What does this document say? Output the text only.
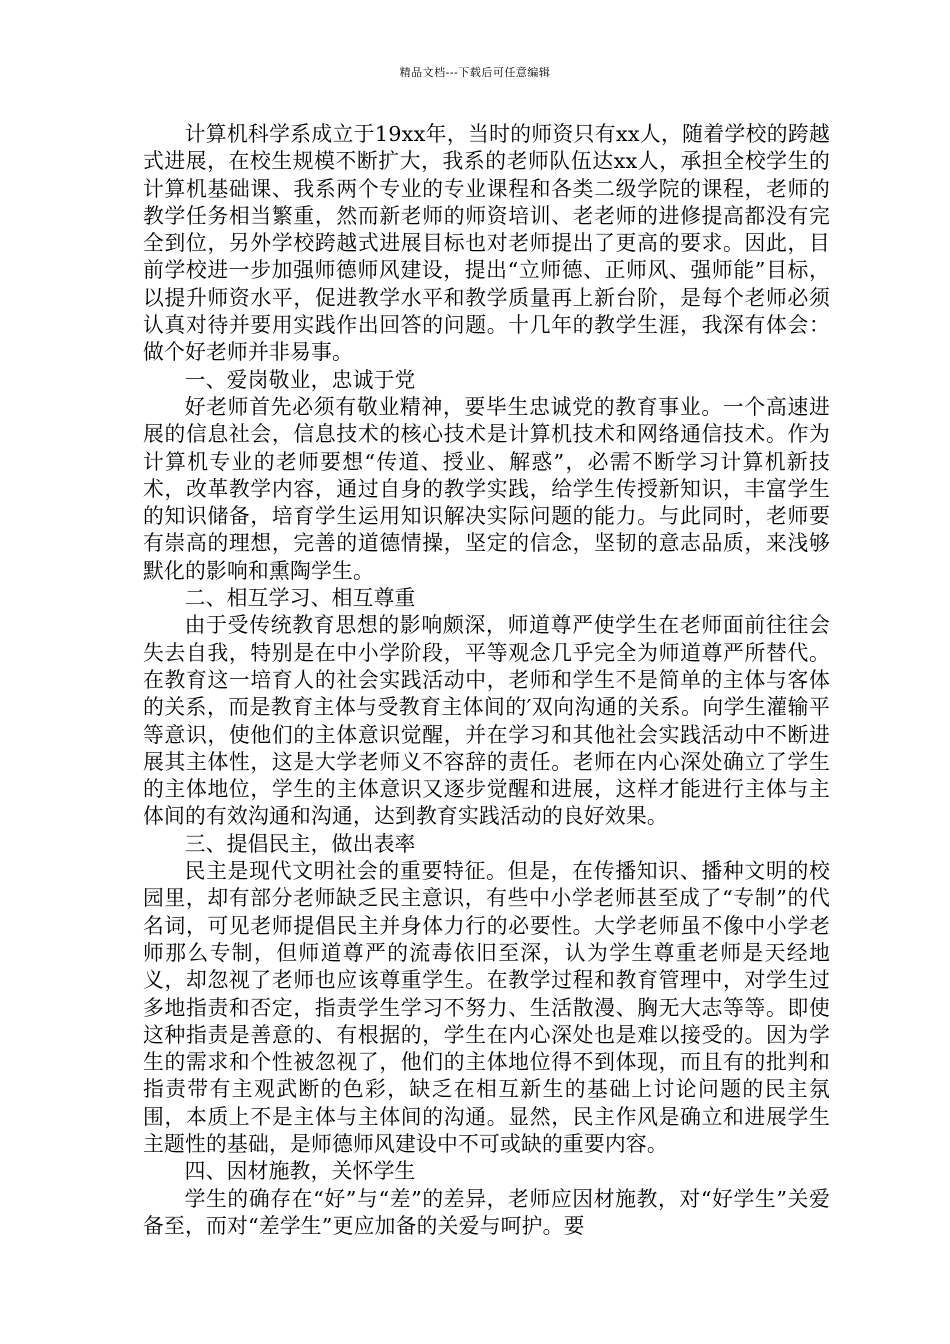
精品文档---下载后可任意编辑

计算机科学系成立于19xx年，当时的师资只有xx人，随着学校的跨越式进展，在校生规模不断扩大，我系的老师队伍达xx人，承担全校学生的计算机基础课、我系两个专业的专业课程和各类二级学院的课程，老师的教学任务相当繁重，然而新老师的师资培训、老老师的进修提高都没有完全到位，另外学校跨越式进展目标也对老师提出了更高的要求。因此，目前学校进一步加强师德师风建设，提出“立师德、正师风、强师能”目标，以提升师资水平，促进教学水平和教学质量再上新台阶，是每个老师必须认真对待并要用实践作出回答的问题。十几年的教学生涯，我深有体会：做个好老师并非易事。

一、爱岗敬业，忠诚于党

好老师首先必须有敬业精神，要毕生忠诚党的教育事业。一个高速进展的信息社会，信息技术的核心技术是计算机技术和网络通信技术。作为计算机专业的老师要想“传道、授业、解惑”，必需不断学习计算机新技术，改革教学内容，通过自身的教学实践，给学生传授新知识，丰富学生的知识储备，培育学生运用知识解决实际问题的能力。与此同时，老师要有崇高的理想，完善的道德情操，坚定的信念，坚韧的意志品质，来浅够默化的影响和熏陶学生。

二、相互学习、相互尊重

由于受传统教育思想的影响颇深，师道尊严使学生在老师面前往往会失去自我，特别是在中小学阶段，平等观念几乎完全为师道尊严所替代。在教育这一培育人的社会实践活动中，老师和学生不是简单的主体与客体的关系，而是教育主体与受教育主体间的′双向沟通的关系。向学生灌输平等意识，使他们的主体意识觉醒，并在学习和其他社会实践活动中不断进展其主体性，这是大学老师义不容辞的责任。老师在内心深处确立了学生的主体地位，学生的主体意识又逐步觉醒和进展，这样才能进行主体与主体间的有效沟通和沟通，达到教育实践活动的良好效果。

三、提倡民主，做出表率

民主是现代文明社会的重要特征。但是，在传播知识、播种文明的校园里，却有部分老师缺乏民主意识，有些中小学老师甚至成了“专制”的代名词，可见老师提倡民主并身体力行的必要性。大学老师虽不像中小学老师那么专制，但师道尊严的流毒依旧至深，认为学生尊重老师是天经地义，却忽视了老师也应该尊重学生。在教学过程和教育管理中，对学生过多地指责和否定，指责学生学习不努力、生活散漫、胸无大志等等。即使这种指责是善意的、有根据的，学生在内心深处也是难以接受的。因为学生的需求和个性被忽视了，他们的主体地位得不到体现，而且有的批判和指责带有主观武断的色彩，缺乏在相互新生的基础上讨论问题的民主氛围，本质上不是主体与主体间的沟通。显然，民主作风是确立和进展学生主题性的基础，是师德师风建设中不可或缺的重要内容。

四、因材施教，关怀学生

学生的确存在“好”与“差”的差异，老师应因材施教，对“好学生”关爱备至，而对“差学生”更应加备的关爱与呵护。要
